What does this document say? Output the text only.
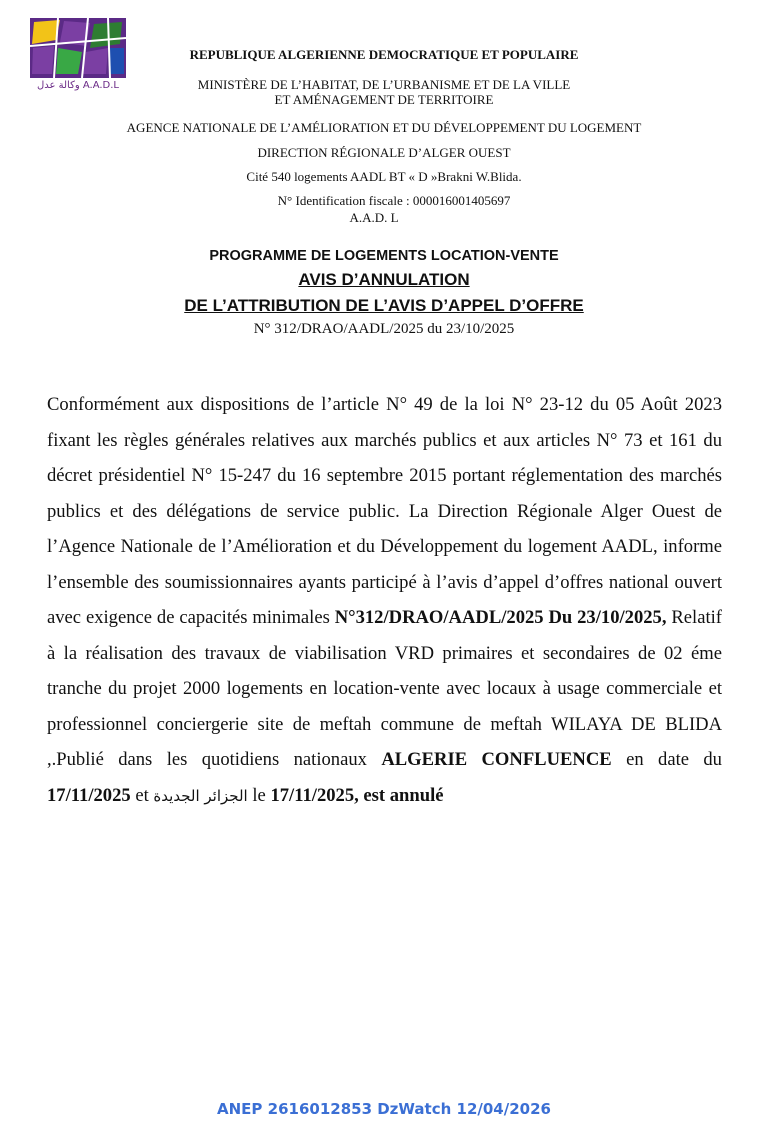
وكالة عدل A.A.D.L
REPUBLIQUE ALGERIENNE DEMOCRATIQUE ET POPULAIRE
MINISTÈRE DE L’HABITAT, DE L’URBANISME ET DE LA VILLE
ET AMÉNAGEMENT DE TERRITOIRE
AGENCE NATIONALE DE L’AMÉLIORATION ET DU DÉVELOPPEMENT DU LOGEMENT
DIRECTION RÉGIONALE D’ALGER OUEST
Cité 540 logements AADL BT « D »Brakni W.Blida.
N° Identification fiscale : 000016001405697
A.A.D. L
PROGRAMME DE LOGEMENTS LOCATION-VENTE
AVIS D’ANNULATION
DE L’ATTRIBUTION DE L’AVIS D’APPEL D’OFFRE
N° 312/DRAO/AADL/2025 du 23/10/2025
Conformément aux dispositions de l’article N° 49 de la loi N° 23-12 du 05 Août 2023 fixant les règles générales relatives aux marchés publics et aux articles N° 73 et 161 du décret présidentiel N° 15-247 du 16 septembre 2015 portant réglementation des marchés publics et des délégations de service public. La Direction Régionale Alger Ouest de l’Agence Nationale de l’Amélioration et du Développement du logement AADL, informe l’ensemble des soumissionnaires ayants participé à l’avis d’appel d’offres national ouvert avec exigence de capacités minimales N°312/DRAO/AADL/2025 Du 23/10/2025, Relatif à la réalisation des travaux de viabilisation VRD primaires et secondaires de 02 éme tranche du projet 2000 logements en location-vente avec locaux à usage commerciale et professionnel conciergerie site de meftah commune de meftah WILAYA DE BLIDA ,.Publié dans les quotidiens nationaux ALGERIE CONFLUENCE en date du 17/11/2025 et الجزائر الجديدة le 17/11/2025, est annulé
ANEP 2616012853 DzWatch 12/04/2026
